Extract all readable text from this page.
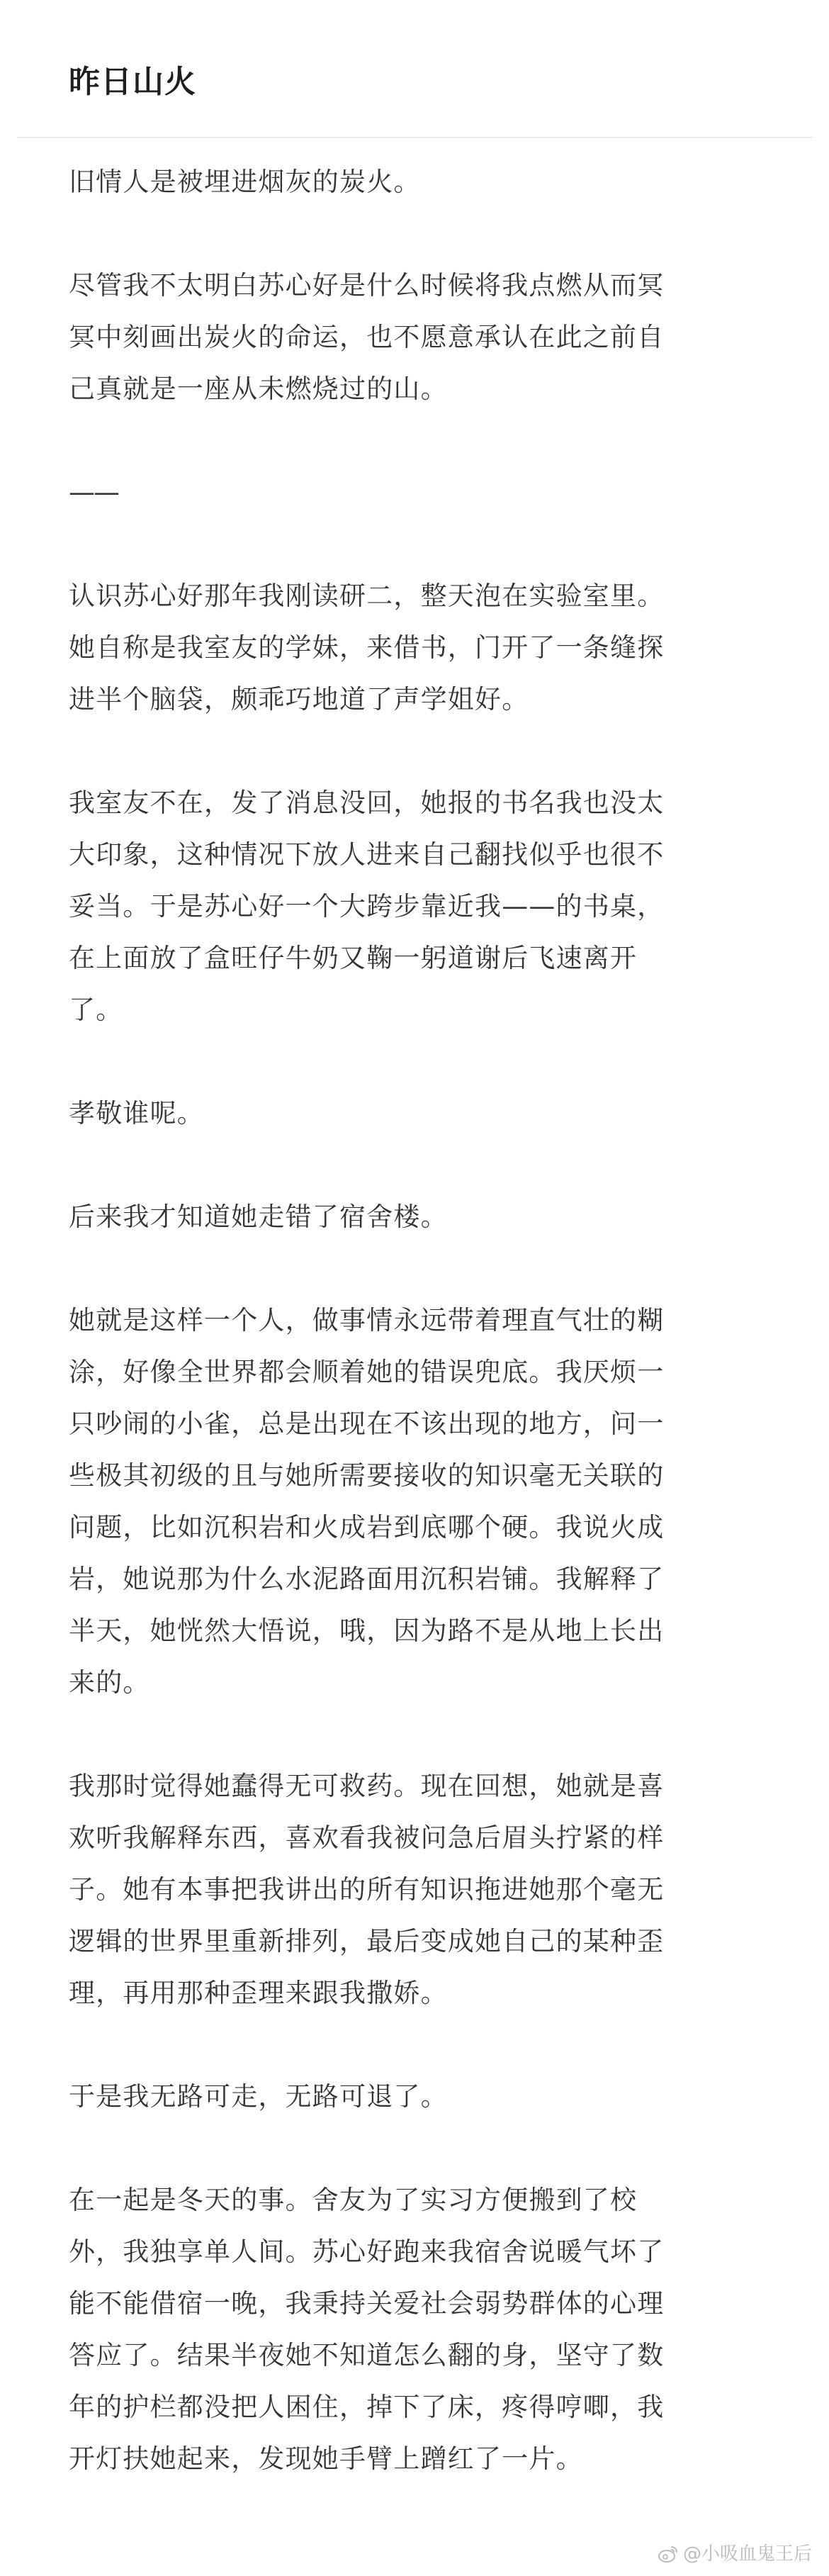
昨日山火

旧情人是被埋进烟灰的炭火。

尽管我不太明白苏心好是什么时候将我点燃从而冥
冥中刻画出炭火的命运，也不愿意承认在此之前自
己真就是一座从未燃烧过的山。

——

认识苏心好那年我刚读研二，整天泡在实验室里。
她自称是我室友的学妹，来借书，门开了一条缝探
进半个脑袋，颇乖巧地道了声学姐好。

我室友不在，发了消息没回，她报的书名我也没太
大印象，这种情况下放人进来自己翻找似乎也很不
妥当。于是苏心好一个大跨步靠近我——的书桌，
在上面放了盒旺仔牛奶又鞠一躬道谢后飞速离开
了。

孝敬谁呢。

后来我才知道她走错了宿舍楼。

她就是这样一个人，做事情永远带着理直气壮的糊
涂，好像全世界都会顺着她的错误兜底。我厌烦一
只吵闹的小雀，总是出现在不该出现的地方，问一
些极其初级的且与她所需要接收的知识毫无关联的
问题，比如沉积岩和火成岩到底哪个硬。我说火成
岩，她说那为什么水泥路面用沉积岩铺。我解释了
半天，她恍然大悟说，哦，因为路不是从地上长出
来的。

我那时觉得她蠢得无可救药。现在回想，她就是喜
欢听我解释东西，喜欢看我被问急后眉头拧紧的样
子。她有本事把我讲出的所有知识拖进她那个毫无
逻辑的世界里重新排列，最后变成她自己的某种歪
理，再用那种歪理来跟我撒娇。

于是我无路可走，无路可退了。

在一起是冬天的事。舍友为了实习方便搬到了校
外，我独享单人间。苏心好跑来我宿舍说暖气坏了
能不能借宿一晚，我秉持关爱社会弱势群体的心理
答应了。结果半夜她不知道怎么翻的身，坚守了数
年的护栏都没把人困住，掉下了床，疼得哼唧，我
开灯扶她起来，发现她手臂上蹭红了一片。

@小吸血鬼王后
